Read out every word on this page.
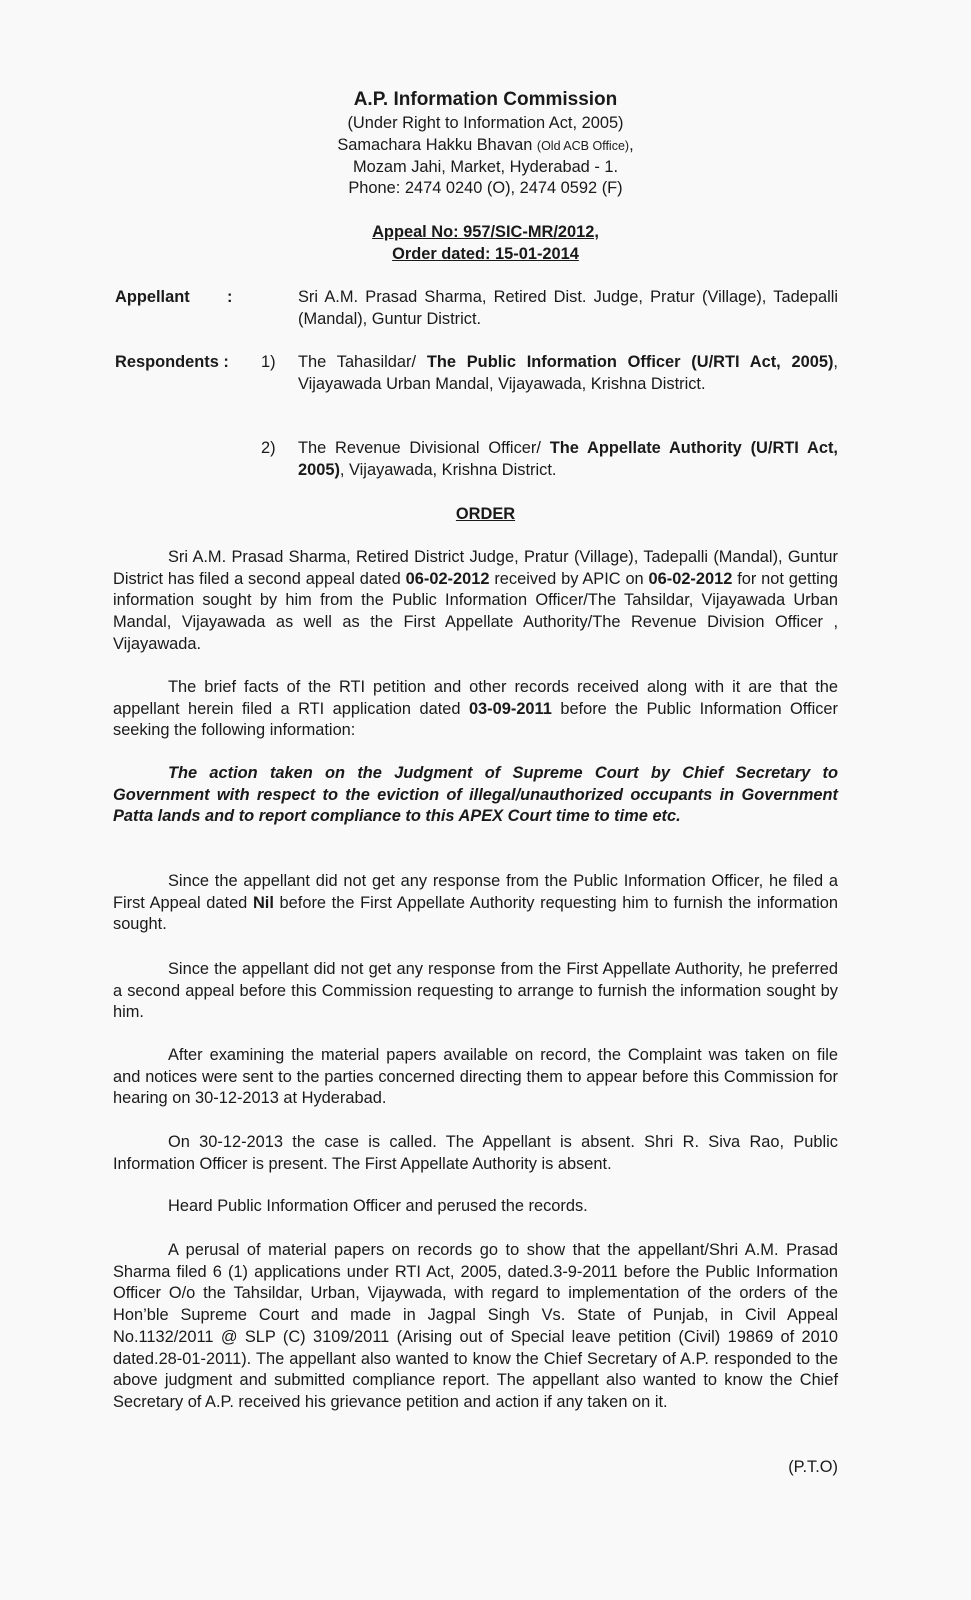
A.P. Information Commission
(Under Right to Information Act, 2005)
Samachara Hakku Bhavan (Old ACB Office),
Mozam Jahi, Market, Hyderabad - 1.
Phone: 2474 0240 (O), 2474 0592 (F)
Appeal No: 957/SIC-MR/2012,
Order dated: 15-01-2014
Appellant :	Sri A.M. Prasad Sharma, Retired Dist. Judge, Pratur (Village), Tadepalli (Mandal), Guntur District.
Respondents : 1) The Tahasildar/ The Public Information Officer (U/RTI Act, 2005), Vijayawada Urban Mandal, Vijayawada, Krishna District.
2) The Revenue Divisional Officer/ The Appellate Authority (U/RTI Act, 2005), Vijayawada, Krishna District.
ORDER
Sri A.M. Prasad Sharma, Retired District Judge, Pratur (Village), Tadepalli (Mandal), Guntur District has filed a second appeal dated 06-02-2012 received by APIC on 06-02-2012 for not getting information sought by him from the Public Information Officer/The Tahsildar, Vijayawada Urban Mandal, Vijayawada as well as the First Appellate Authority/The Revenue Division Officer , Vijayawada.
The brief facts of the RTI petition and other records received along with it are that the appellant herein filed a RTI application dated 03-09-2011 before the Public Information Officer seeking the following information:
The action taken on the Judgment of Supreme Court by Chief Secretary to Government with respect to the eviction of illegal/unauthorized occupants in Government Patta lands and to report compliance to this APEX Court time to time etc.
Since the appellant did not get any response from the Public Information Officer, he filed a First Appeal dated Nil before the First Appellate Authority requesting him to furnish the information sought.
Since the appellant did not get any response from the First Appellate Authority, he preferred a second appeal before this Commission requesting to arrange to furnish the information sought by him.
After examining the material papers available on record, the Complaint was taken on file and notices were sent to the parties concerned directing them to appear before this Commission for hearing on 30-12-2013 at Hyderabad.
On 30-12-2013 the case is called. The Appellant is absent. Shri R. Siva Rao, Public Information Officer is present. The First Appellate Authority is absent.
Heard Public Information Officer and perused the records.
A perusal of material papers on records go to show that the appellant/Shri A.M. Prasad Sharma filed 6 (1) applications under RTI Act, 2005, dated.3-9-2011 before the Public Information Officer O/o the Tahsildar, Urban, Vijaywada, with regard to implementation of the orders of the Hon’ble Supreme Court and made in Jagpal Singh Vs. State of Punjab, in Civil Appeal No.1132/2011 @ SLP (C) 3109/2011 (Arising out of Special leave petition (Civil) 19869 of 2010 dated.28-01-2011). The appellant also wanted to know the Chief Secretary of A.P. responded to the above judgment and submitted compliance report. The appellant also wanted to know the Chief Secretary of A.P. received his grievance petition and action if any taken on it.
(P.T.O)
